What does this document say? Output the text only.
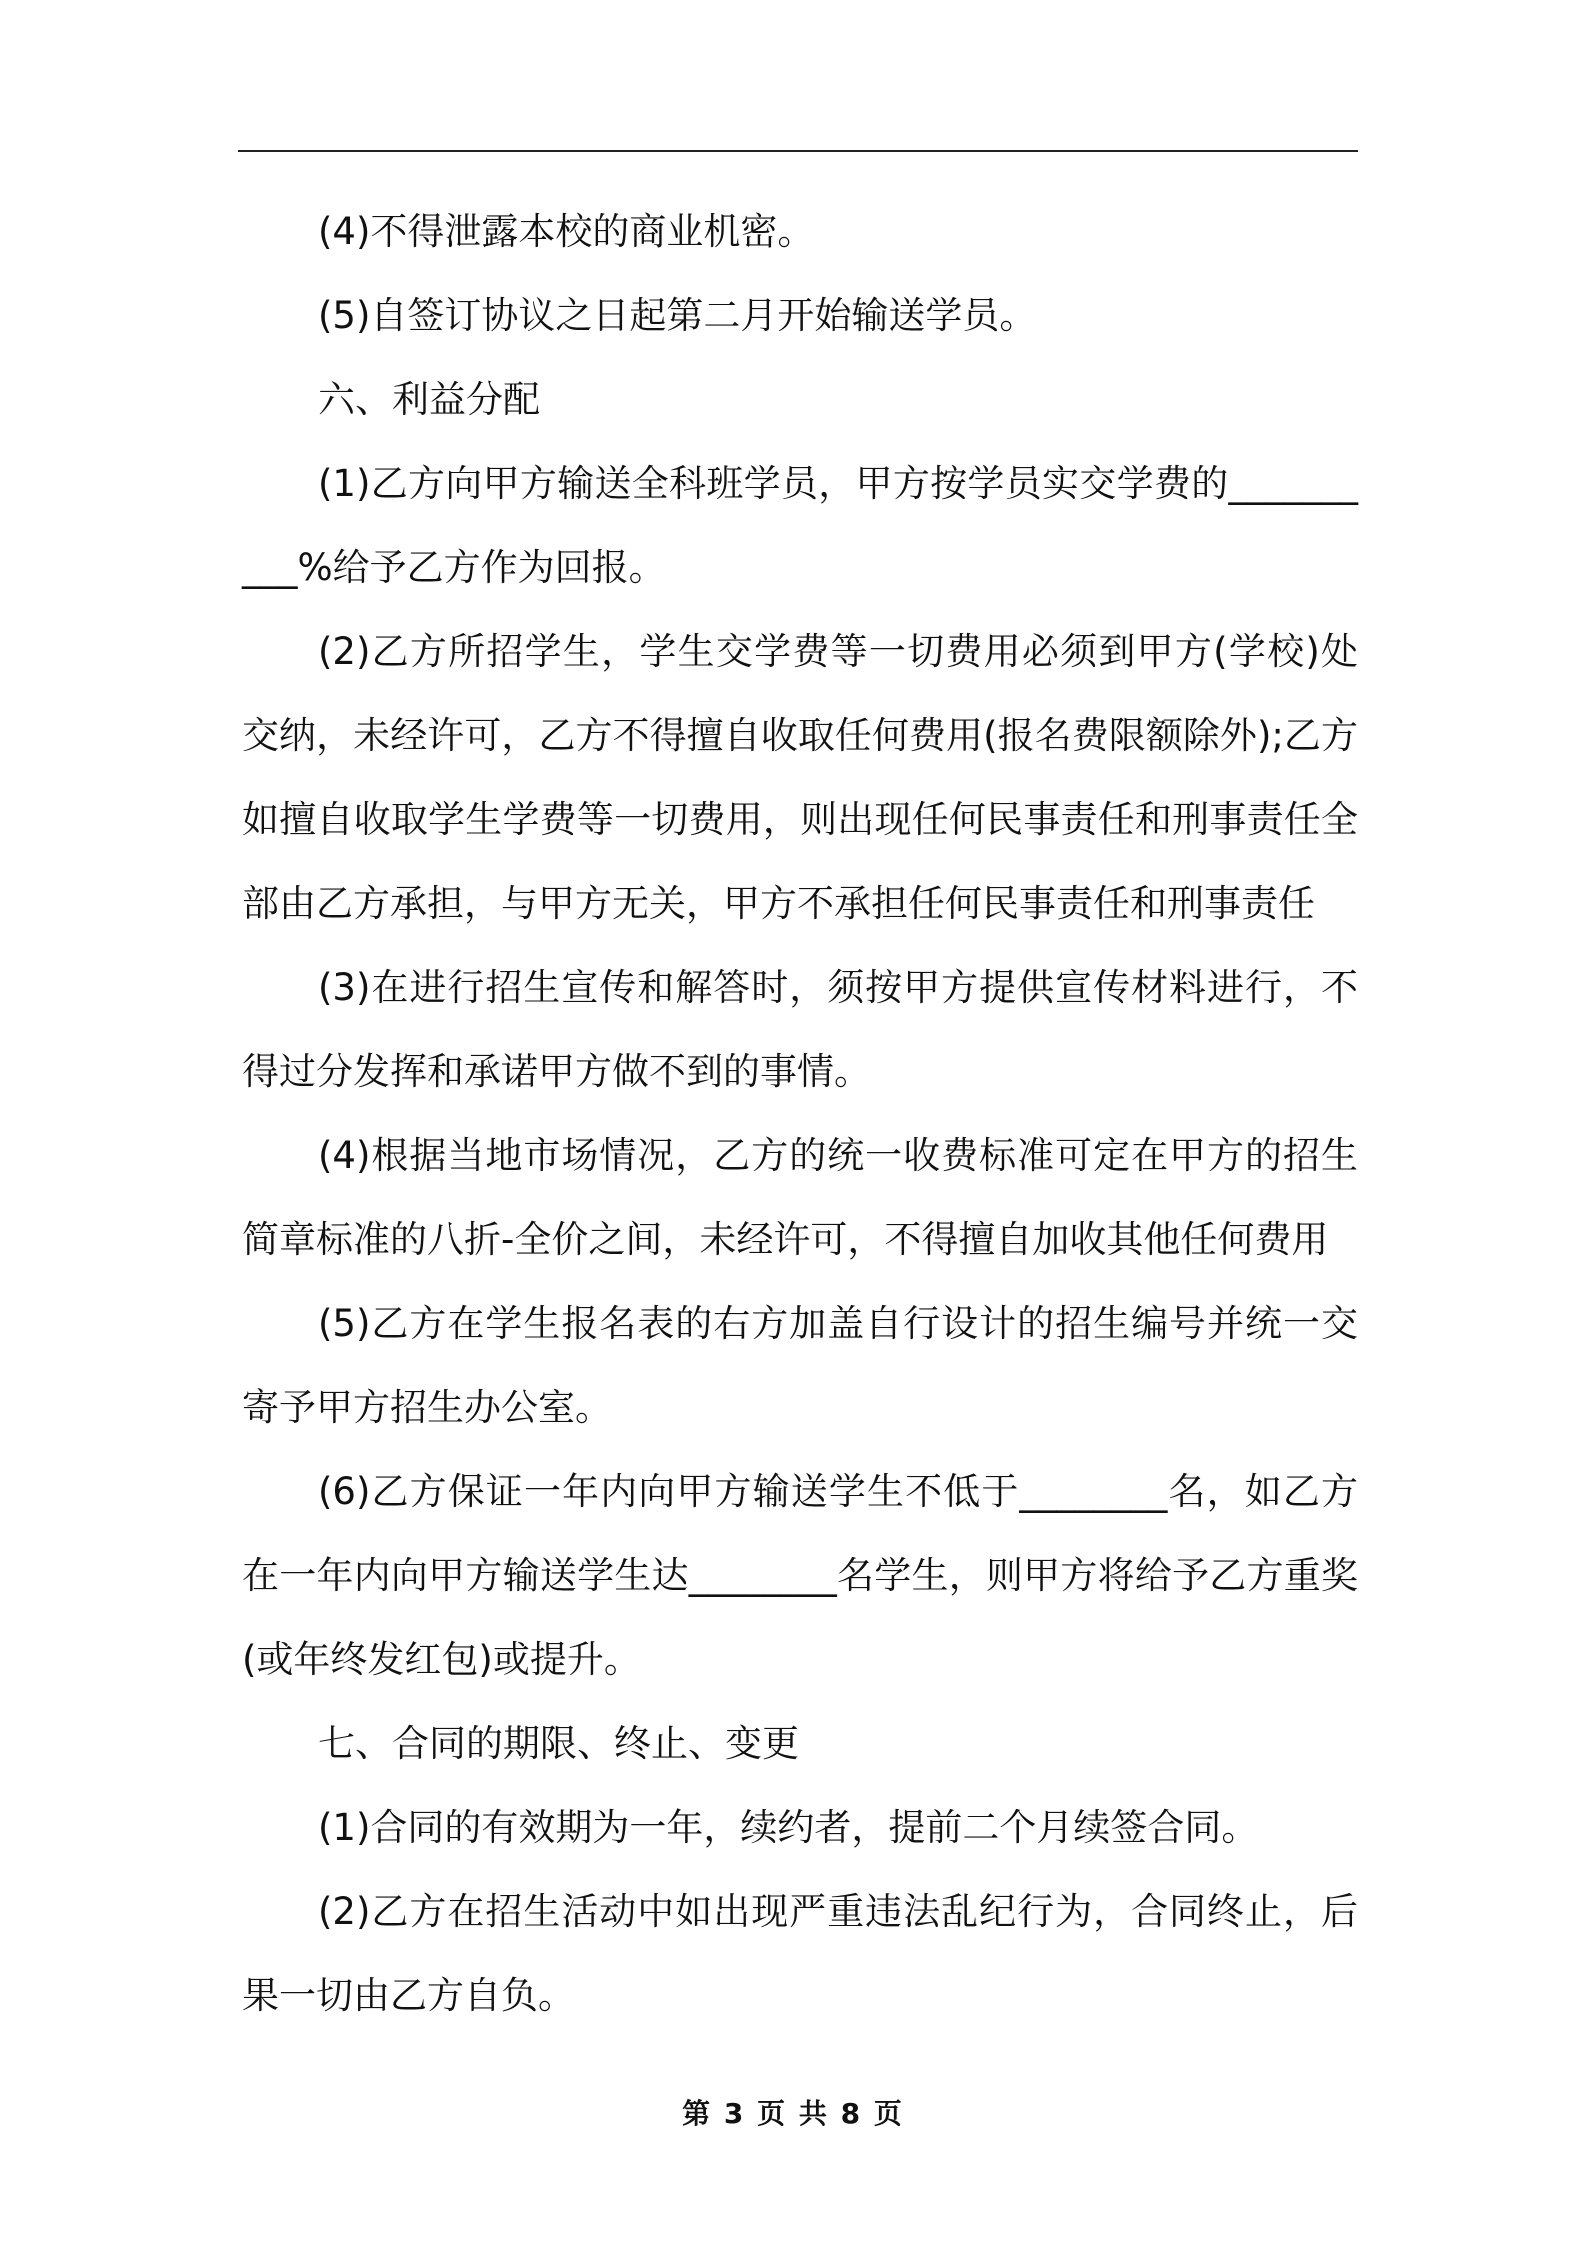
(4)不得泄露本校的商业机密。

(5)自签订协议之日起第二月开始输送学员。

六、利益分配

(1)乙方向甲方输送全科班学员，甲方按学员实交学费的__________%给予乙方作为回报。

(2)乙方所招学生，学生交学费等一切费用必须到甲方(学校)处交纳，未经许可，乙方不得擅自收取任何费用(报名费限额除外);乙方如擅自收取学生学费等一切费用，则出现任何民事责任和刑事责任全部由乙方承担，与甲方无关，甲方不承担任何民事责任和刑事责任

(3)在进行招生宣传和解答时，须按甲方提供宣传材料进行，不得过分发挥和承诺甲方做不到的事情。

(4)根据当地市场情况，乙方的统一收费标准可定在甲方的招生简章标准的八折-全价之间，未经许可，不得擅自加收其他任何费用

(5)乙方在学生报名表的右方加盖自行设计的招生编号并统一交寄予甲方招生办公室。

(6)乙方保证一年内向甲方输送学生不低于________名，如乙方在一年内向甲方输送学生达________名学生，则甲方将给予乙方重奖(或年终发红包)或提升。

七、合同的期限、终止、变更

(1)合同的有效期为一年，续约者，提前二个月续签合同。

(2)乙方在招生活动中如出现严重违法乱纪行为，合同终止，后果一切由乙方自负。

第 3 页 共 8 页
